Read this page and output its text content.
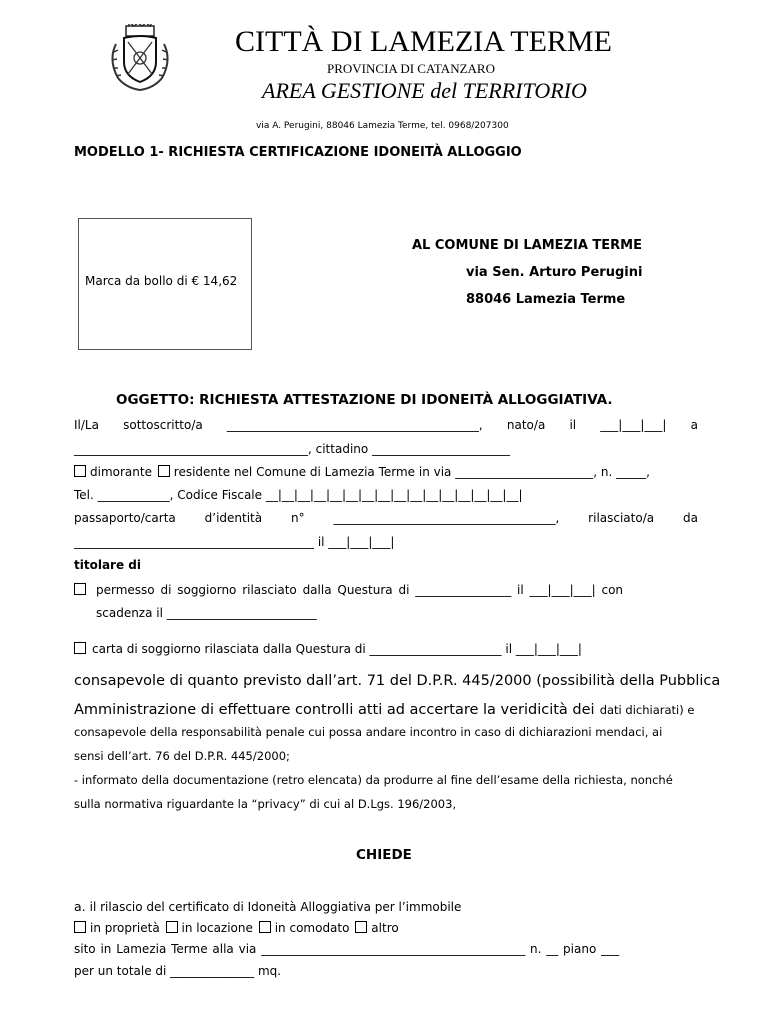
CITTÀ DI LAMEZIA TERME
PROVINCIA DI CATANZARO
AREA GESTIONE del TERRITORIO
via A. Perugini, 88046 Lamezia Terme, tel. 0968/207300
MODELLO 1- RICHIESTA CERTIFICAZIONE IDONEITÀ ALLOGGIO
Marca da bollo di € 14,62
AL COMUNE DI LAMEZIA TERME
via Sen. Arturo Perugini
88046 Lamezia Terme
OGGETTO: RICHIESTA ATTESTAZIONE DI IDONEITÀ ALLOGGIATIVA.
Il/La sottoscritto/a __________________________________________, nato/a il ___|___|___| a
_______________________________________, cittadino _______________________
dimorante residente nel Comune di Lamezia Terme in via _______________________, n. _____,
Tel. ____________, Codice Fiscale __|__|__|__|__|__|__|__|__|__|__|__|__|__|__|__|
passaporto/carta d’identità n° _____________________________________, rilasciato/a da
________________________________________ il ___|___|___|
titolare di
permesso di soggiorno rilasciato dalla Questura di ________________ il ___|___|___| con
scadenza il _________________________
carta di soggiorno rilasciata dalla Questura di ______________________ il ___|___|___|
consapevole di quanto previsto dall’art. 71 del D.P.R. 445/2000 (possibilità della Pubblica
Amministrazione di effettuare controlli atti ad accertare la veridicità dei dati dichiarati) e
consapevole della responsabilità penale cui possa andare incontro in caso di dichiarazioni mendaci, ai
sensi dell’art. 76 del D.P.R. 445/2000;
- informato della documentazione (retro elencata) da produrre al fine dell’esame della richiesta, nonché
sulla normativa riguardante la “privacy” di cui al D.Lgs. 196/2003,
CHIEDE
a. il rilascio del certificato di Idoneità Alloggiativa per l’immobile
in proprietà in locazione in comodato altro
sito in Lamezia Terme alla via ____________________________________________ n. __ piano ___
per un totale di ______________ mq.
